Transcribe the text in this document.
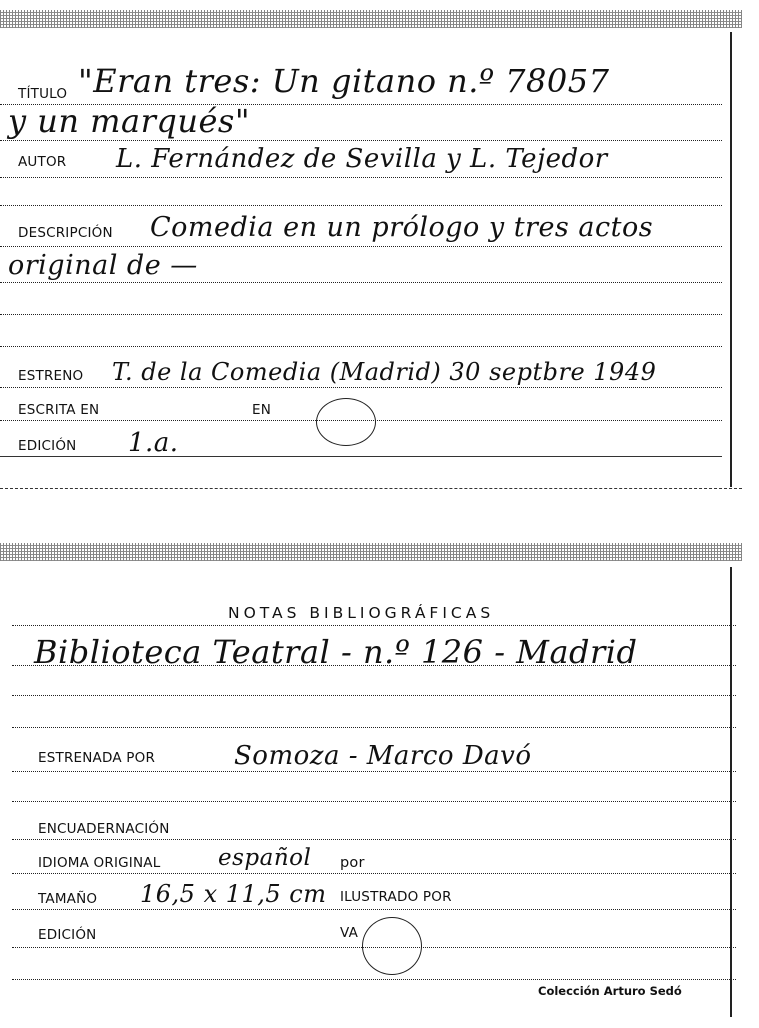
TÍTULO "Eran tres: Un gitano n.º 78057
y un marqués"
AUTOR L. Fernández de Sevilla y L. Tejedor
DESCRIPCIÓN Comedia en un prólogo y tres actos
original de —
ESTRENO T. de la Comedia (Madrid) 30 septbre 1949
ESCRITA EN	EN
EDICIÓN 1.a.
NOTAS BIBLIOGRÁFICAS
Biblioteca Teatral - n.º 126 - Madrid
ESTRENADA POR	Somoza - Marco Davó
ENCUADERNACIÓN
IDIOMA ORIGINAL	español por
TAMAÑO 16,5 x 11,5 cm ILUSTRADO POR
EDICIÓN	VA
Colección Arturo Sedó
